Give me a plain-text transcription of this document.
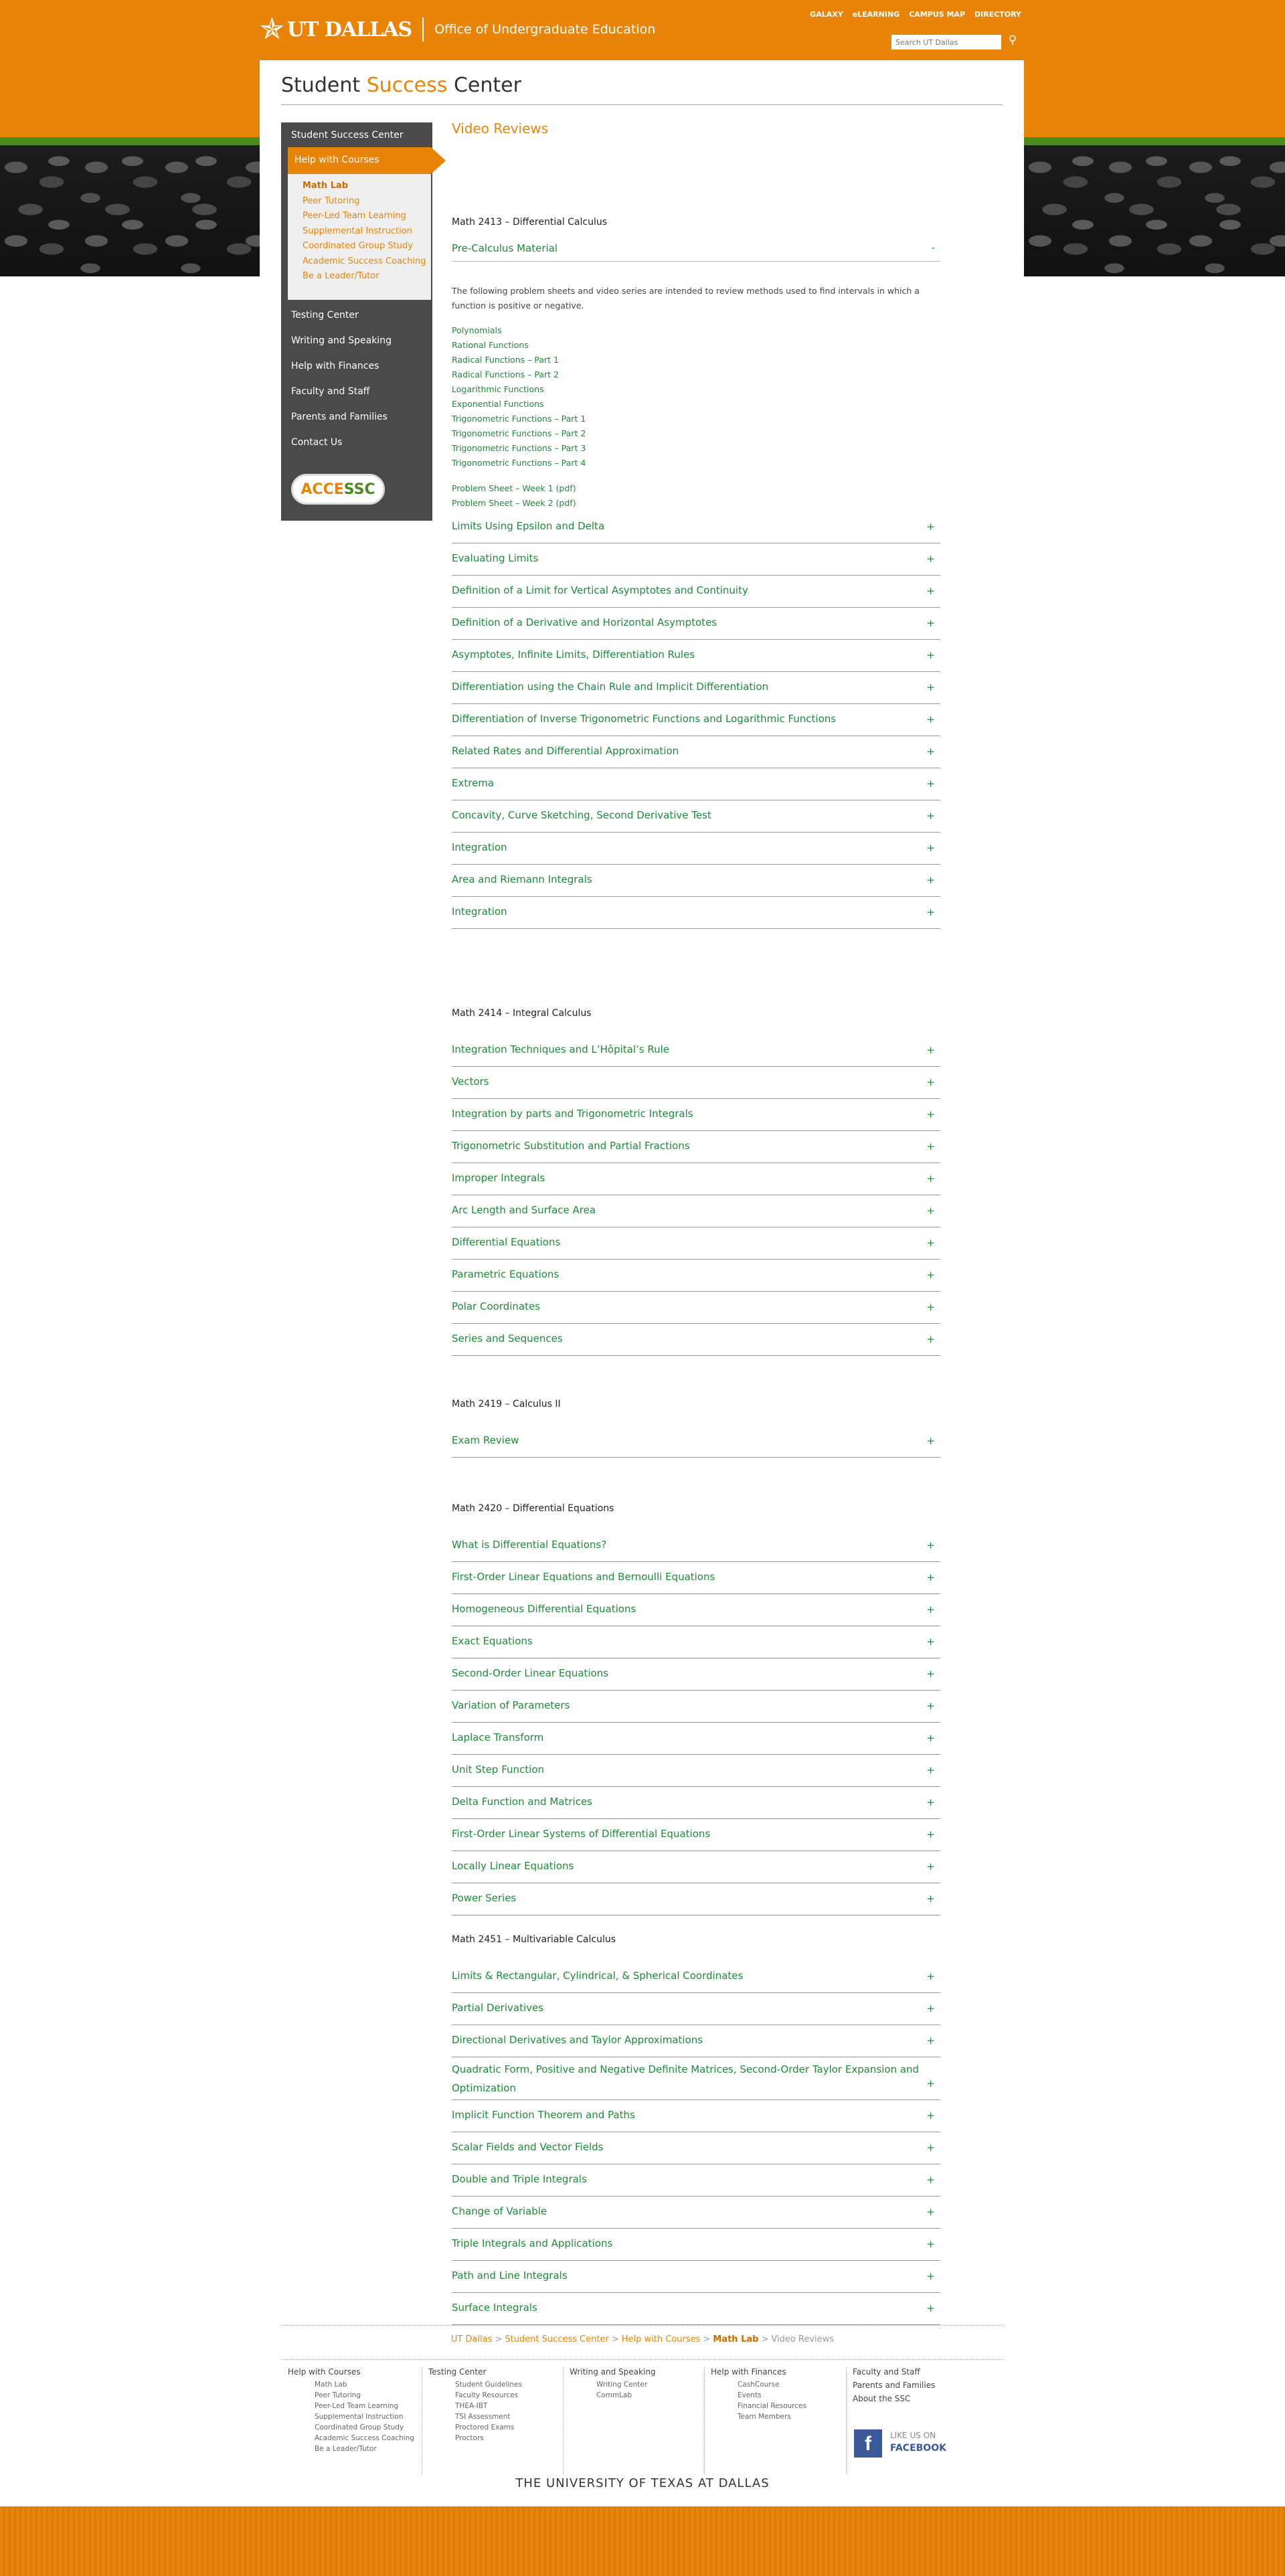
✯ UT DALLAS Office of Undergraduate Education
GALAXY eLEARNING CAMPUS MAP DIRECTORY
Search UT Dallas
⚲
Student Success Center
Student Success Center
Help with Courses
Math Lab
Peer Tutoring
Peer-Led Team Learning
Supplemental Instruction
Coordinated Group Study
Academic Success Coaching
Be a Leader/Tutor
Testing Center
Writing and Speaking
Help with Finances
Faculty and Staff
Parents and Families
Contact Us
ACCE SSC
Video Reviews
Math 2413 – Differential Calculus
Pre-Calculus Material	-
The following problem sheets and video series are intended to review methods used to find intervals in which a function is positive or negative.
Polynomials
Rational Functions
Radical Functions – Part 1
Radical Functions – Part 2
Logarithmic Functions
Exponential Functions
Trigonometric Functions – Part 1
Trigonometric Functions – Part 2
Trigonometric Functions – Part 3
Trigonometric Functions – Part 4
Problem Sheet – Week 1 (pdf)
Problem Sheet – Week 2 (pdf)
Limits Using Epsilon and Delta	+
Evaluating Limits	+
Definition of a Limit for Vertical Asymptotes and Continuity	+
Definition of a Derivative and Horizontal Asymptotes	+
Asymptotes, Infinite Limits, Differentiation Rules	+
Differentiation using the Chain Rule and Implicit Differentiation	+
Differentiation of Inverse Trigonometric Functions and Logarithmic Functions	+
Related Rates and Differential Approximation	+
Extrema	+
Concavity, Curve Sketching, Second Derivative Test	+
Integration	+
Area and Riemann Integrals	+
Integration	+
Math 2414 – Integral Calculus
Integration Techniques and L’Hôpital’s Rule	+
Vectors	+
Integration by parts and Trigonometric Integrals	+
Trigonometric Substitution and Partial Fractions	+
Improper Integrals	+
Arc Length and Surface Area	+
Differential Equations	+
Parametric Equations	+
Polar Coordinates	+
Series and Sequences	+
Math 2419 – Calculus II
Exam Review	+
Math 2420 – Differential Equations
What is Differential Equations?	+
First-Order Linear Equations and Bernoulli Equations	+
Homogeneous Differential Equations	+
Exact Equations	+
Second-Order Linear Equations	+
Variation of Parameters	+
Laplace Transform	+
Unit Step Function	+
Delta Function and Matrices	+
First-Order Linear Systems of Differential Equations	+
Locally Linear Equations	+
Power Series	+
Math 2451 – Multivariable Calculus
Limits & Rectangular, Cylindrical, & Spherical Coordinates	+
Partial Derivatives	+
Directional Derivatives and Taylor Approximations	+
Quadratic Form, Positive and Negative Definite Matrices, Second-Order Taylor Expansion and Optimization	+
Implicit Function Theorem and Paths	+
Scalar Fields and Vector Fields	+
Double and Triple Integrals	+
Change of Variable	+
Triple Integrals and Applications	+
Path and Line Integrals	+
Surface Integrals	+
UT Dallas > Student Success Center > Help with Courses > Math Lab > Video Reviews
Help with Courses
Math Lab
Peer Tutoring
Peer-Led Team Learning
Supplemental Instruction
Coordinated Group Study
Academic Success Coaching
Be a Leader/Tutor
Testing Center
Student Guidelines
Faculty Resources
THEA-IBT
TSI Assessment
Proctored Exams
Proctors
Writing and Speaking
Writing Center
CommLab
Help with Finances
CashCourse
Events
Financial Resources
Team Members
Faculty and Staff
Parents and Families
About the SSC
f	LIKE US ON
FACEBOOK
THE UNIVERSITY OF TEXAS AT DALLAS
